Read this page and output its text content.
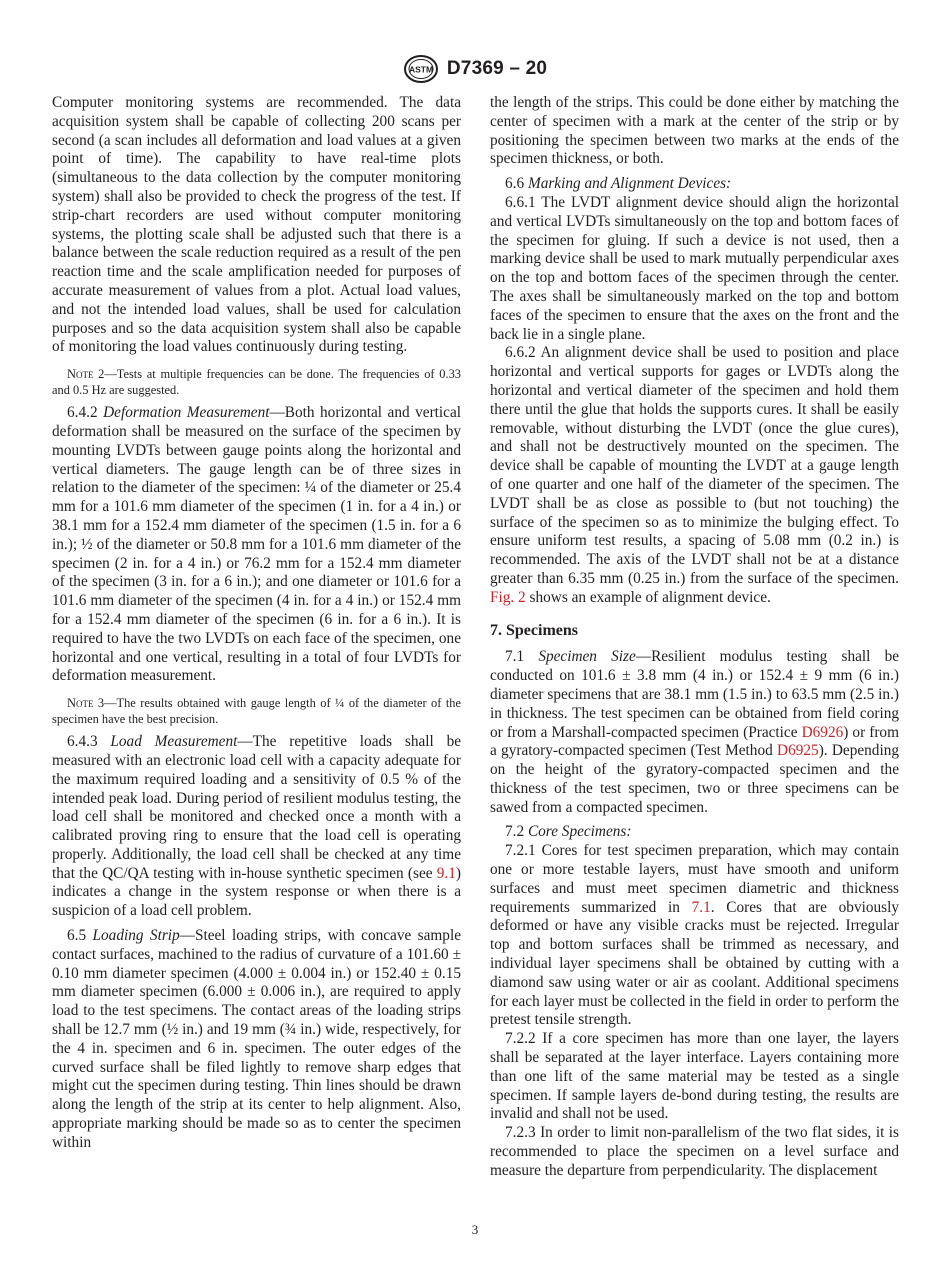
ASTM D7369 – 20

Computer monitoring systems are recommended. The data acquisition system shall be capable of collecting 200 scans per second (a scan includes all deformation and load values at a given point of time). The capability to have real-time plots (simultaneous to the data collection by the computer monitoring system) shall also be provided to check the progress of the test. If strip-chart recorders are used without computer monitoring systems, the plotting scale shall be adjusted such that there is a balance between the scale reduction required as a result of the pen reaction time and the scale amplification needed for purposes of accurate measurement of values from a plot. Actual load values, and not the intended load values, shall be used for calculation purposes and so the data acquisition system shall also be capable of monitoring the load values continuously during testing.

Note 2—Tests at multiple frequencies can be done. The frequencies of 0.33 and 0.5 Hz are suggested.

6.4.2 Deformation Measurement—Both horizontal and vertical deformation shall be measured on the surface of the specimen by mounting LVDTs between gauge points along the horizontal and vertical diameters. The gauge length can be of three sizes in relation to the diameter of the specimen: ¼ of the diameter or 25.4 mm for a 101.6 mm diameter of the specimen (1 in. for a 4 in.) or 38.1 mm for a 152.4 mm diameter of the specimen (1.5 in. for a 6 in.); ½ of the diameter or 50.8 mm for a 101.6 mm diameter of the specimen (2 in. for a 4 in.) or 76.2 mm for a 152.4 mm diameter of the specimen (3 in. for a 6 in.); and one diameter or 101.6 for a 101.6 mm diameter of the specimen (4 in. for a 4 in.) or 152.4 mm for a 152.4 mm diameter of the specimen (6 in. for a 6 in.). It is required to have the two LVDTs on each face of the specimen, one horizontal and one vertical, resulting in a total of four LVDTs for deformation measurement.

Note 3—The results obtained with gauge length of ¼ of the diameter of the specimen have the best precision.

6.4.3 Load Measurement—The repetitive loads shall be measured with an electronic load cell with a capacity adequate for the maximum required loading and a sensitivity of 0.5 % of the intended peak load. During period of resilient modulus testing, the load cell shall be monitored and checked once a month with a calibrated proving ring to ensure that the load cell is operating properly. Additionally, the load cell shall be checked at any time that the QC/QA testing with in-house synthetic specimen (see 9.1) indicates a change in the system response or when there is a suspicion of a load cell problem.

6.5 Loading Strip—Steel loading strips, with concave sample contact surfaces, machined to the radius of curvature of a 101.60 ± 0.10 mm diameter specimen (4.000 ± 0.004 in.) or 152.40 ± 0.15 mm diameter specimen (6.000 ± 0.006 in.), are required to apply load to the test specimens. The contact areas of the loading strips shall be 12.7 mm (½ in.) and 19 mm (¾ in.) wide, respectively, for the 4 in. specimen and 6 in. specimen. The outer edges of the curved surface shall be filed lightly to remove sharp edges that might cut the specimen during testing. Thin lines should be drawn along the length of the strip at its center to help alignment. Also, appropriate marking should be made so as to center the specimen within

the length of the strips. This could be done either by matching the center of specimen with a mark at the center of the strip or by positioning the specimen between two marks at the ends of the specimen thickness, or both.

6.6 Marking and Alignment Devices:

6.6.1 The LVDT alignment device should align the horizontal and vertical LVDTs simultaneously on the top and bottom faces of the specimen for gluing. If such a device is not used, then a marking device shall be used to mark mutually perpendicular axes on the top and bottom faces of the specimen through the center. The axes shall be simultaneously marked on the top and bottom faces of the specimen to ensure that the axes on the front and the back lie in a single plane.

6.6.2 An alignment device shall be used to position and place horizontal and vertical supports for gages or LVDTs along the horizontal and vertical diameter of the specimen and hold them there until the glue that holds the supports cures. It shall be easily removable, without disturbing the LVDT (once the glue cures), and shall not be destructively mounted on the specimen. The device shall be capable of mounting the LVDT at a gauge length of one quarter and one half of the diameter of the specimen. The LVDT shall be as close as possible to (but not touching) the surface of the specimen so as to minimize the bulging effect. To ensure uniform test results, a spacing of 5.08 mm (0.2 in.) is recommended. The axis of the LVDT shall not be at a distance greater than 6.35 mm (0.25 in.) from the surface of the specimen. Fig. 2 shows an example of alignment device.

7. Specimens

7.1 Specimen Size—Resilient modulus testing shall be conducted on 101.6 ± 3.8 mm (4 in.) or 152.4 ± 9 mm (6 in.) diameter specimens that are 38.1 mm (1.5 in.) to 63.5 mm (2.5 in.) in thickness. The test specimen can be obtained from field coring or from a Marshall-compacted specimen (Practice D6926) or from a gyratory-compacted specimen (Test Method D6925). Depending on the height of the gyratory-compacted specimen and the thickness of the test specimen, two or three specimens can be sawed from a compacted specimen.

7.2 Core Specimens:

7.2.1 Cores for test specimen preparation, which may contain one or more testable layers, must have smooth and uniform surfaces and must meet specimen diametric and thickness requirements summarized in 7.1. Cores that are obviously deformed or have any visible cracks must be rejected. Irregular top and bottom surfaces shall be trimmed as necessary, and individual layer specimens shall be obtained by cutting with a diamond saw using water or air as coolant. Additional specimens for each layer must be collected in the field in order to perform the pretest tensile strength.

7.2.2 If a core specimen has more than one layer, the layers shall be separated at the layer interface. Layers containing more than one lift of the same material may be tested as a single specimen. If sample layers de-bond during testing, the results are invalid and shall not be used.

7.2.3 In order to limit non-parallelism of the two flat sides, it is recommended to place the specimen on a level surface and measure the departure from perpendicularity. The displacement

3
